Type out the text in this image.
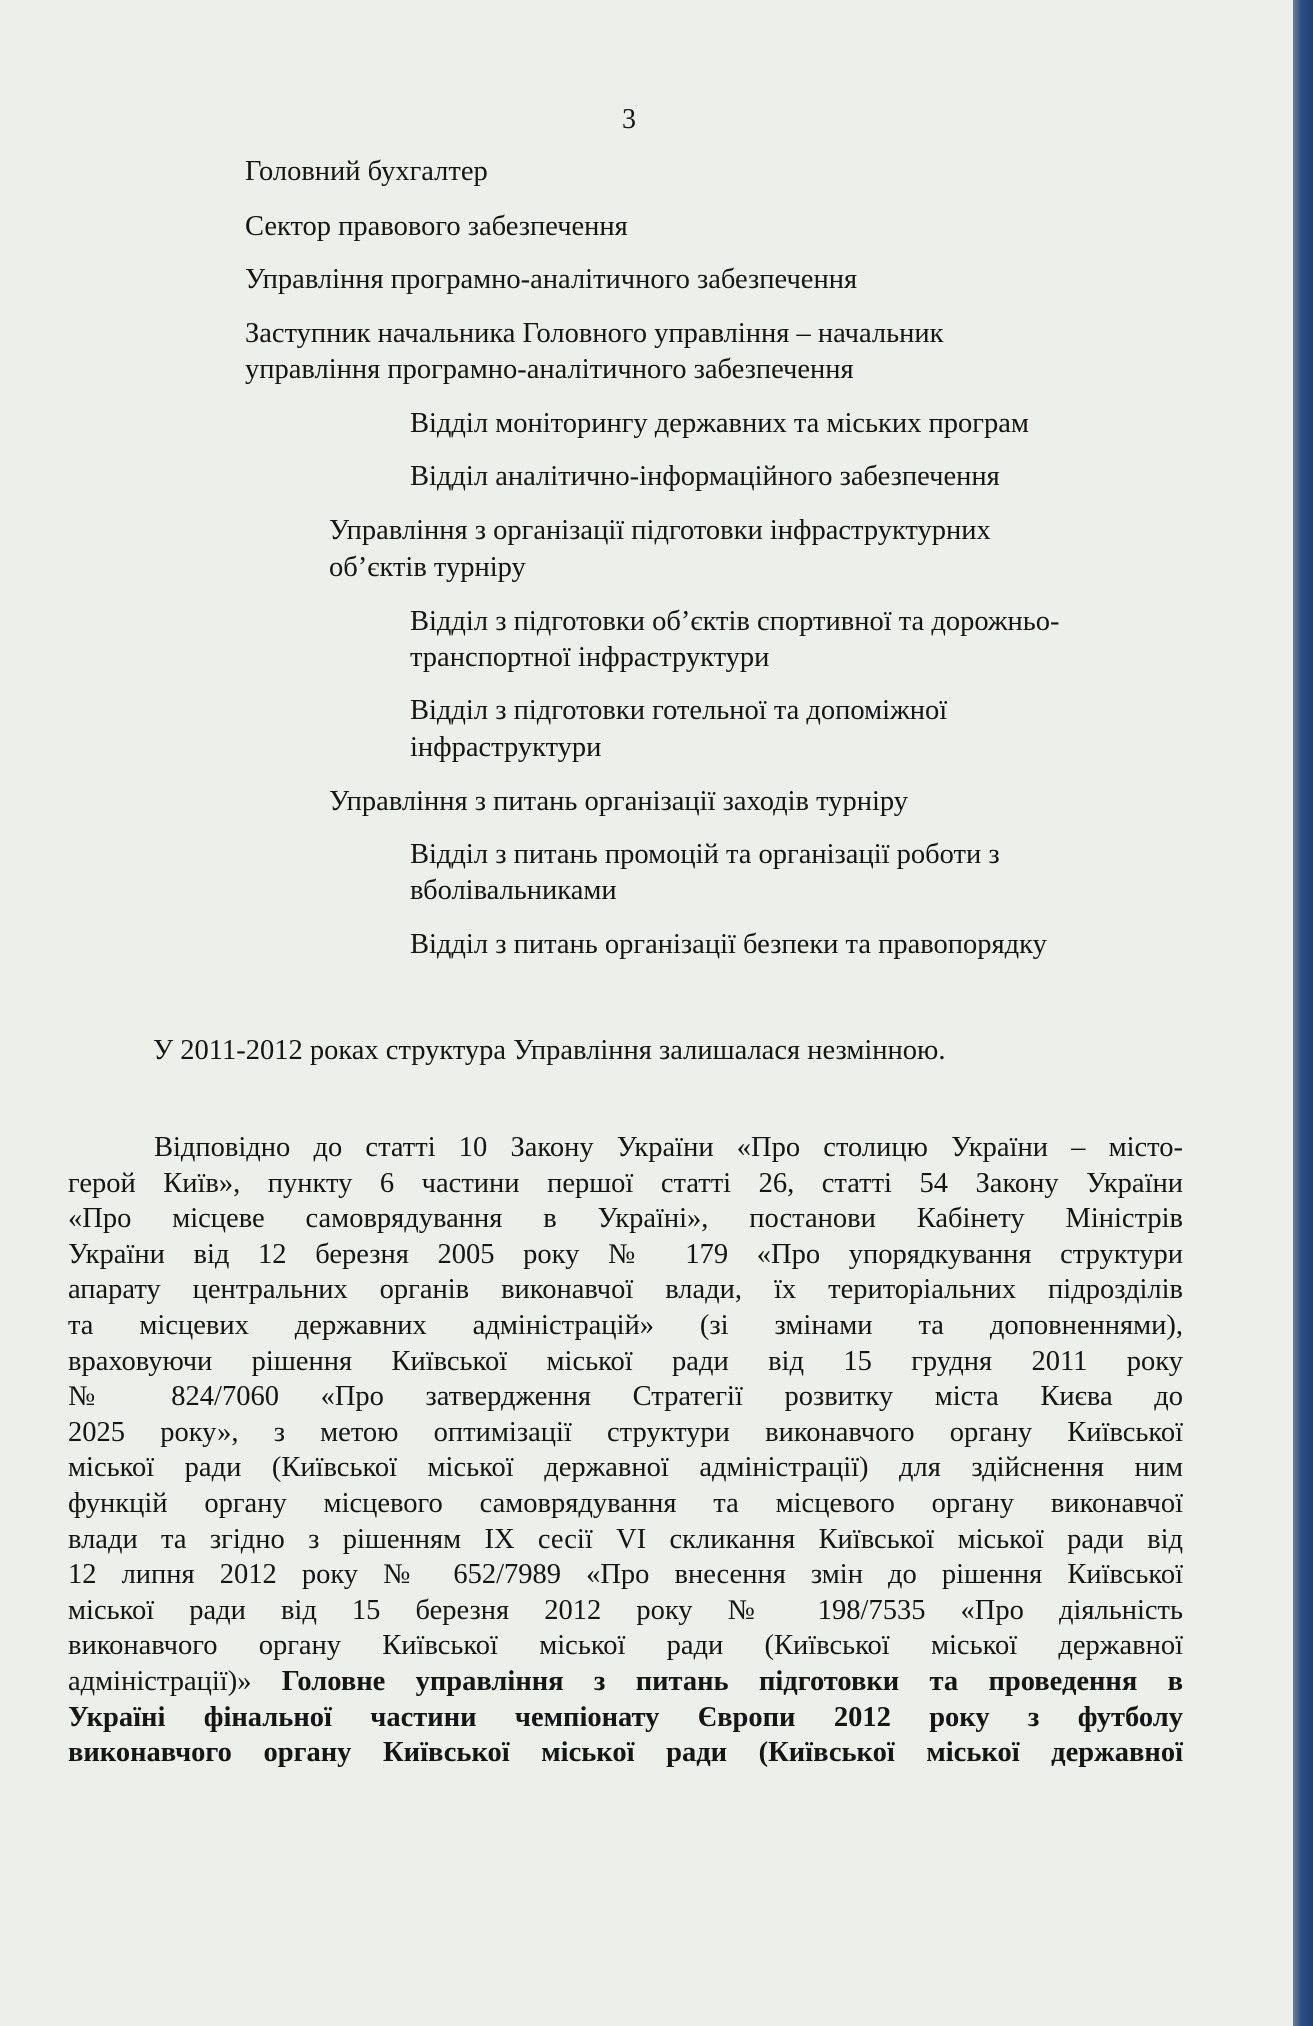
3
Головний бухгалтер
Сектор правового забезпечення
Управління програмно-аналітичного забезпечення
Заступник начальника Головного управління – начальник
управління програмно-аналітичного забезпечення
Відділ моніторингу державних та міських програм
Відділ аналітично-інформаційного забезпечення
Управління з організації підготовки інфраструктурних
об’єктів турніру
Відділ з підготовки об’єктів спортивної та дорожньо-
транспортної інфраструктури
Відділ з підготовки готельної та допоміжної
інфраструктури
Управління з питань організації заходів турніру
Відділ з питань промоцій та організації роботи з
вболівальниками
Відділ з питань організації безпеки та правопорядку
У 2011-2012 роках структура Управління залишалася незмінною.
Відповідно до статті 10 Закону України «Про столицю України – місто-
герой Київ», пункту 6 частини першої статті 26, статті 54 Закону України
«Про місцеве самоврядування в Україні», постанови Кабінету Міністрів
України від 12 березня 2005 року № 179 «Про упорядкування структури
апарату центральних органів виконавчої влади, їх територіальних підрозділів
та місцевих державних адміністрацій» (зі змінами та доповненнями),
враховуючи рішення Київської міської ради від 15 грудня 2011 року
№ 824/7060 «Про затвердження Стратегії розвитку міста Києва до
2025 року», з метою оптимізації структури виконавчого органу Київської
міської ради (Київської міської державної адміністрації) для здійснення ним
функцій органу місцевого самоврядування та місцевого органу виконавчої
влади та згідно з рішенням IX сесії VI скликання Київської міської ради від
12 липня 2012 року № 652/7989 «Про внесення змін до рішення Київської
міської ради від 15 березня 2012 року № 198/7535 «Про діяльність
виконавчого органу Київської міської ради (Київської міської державної
адміністрації)» Головне управління з питань підготовки та проведення в
Україні фінальної частини чемпіонату Європи 2012 року з футболу
виконавчого органу Київської міської ради (Київської міської державної
